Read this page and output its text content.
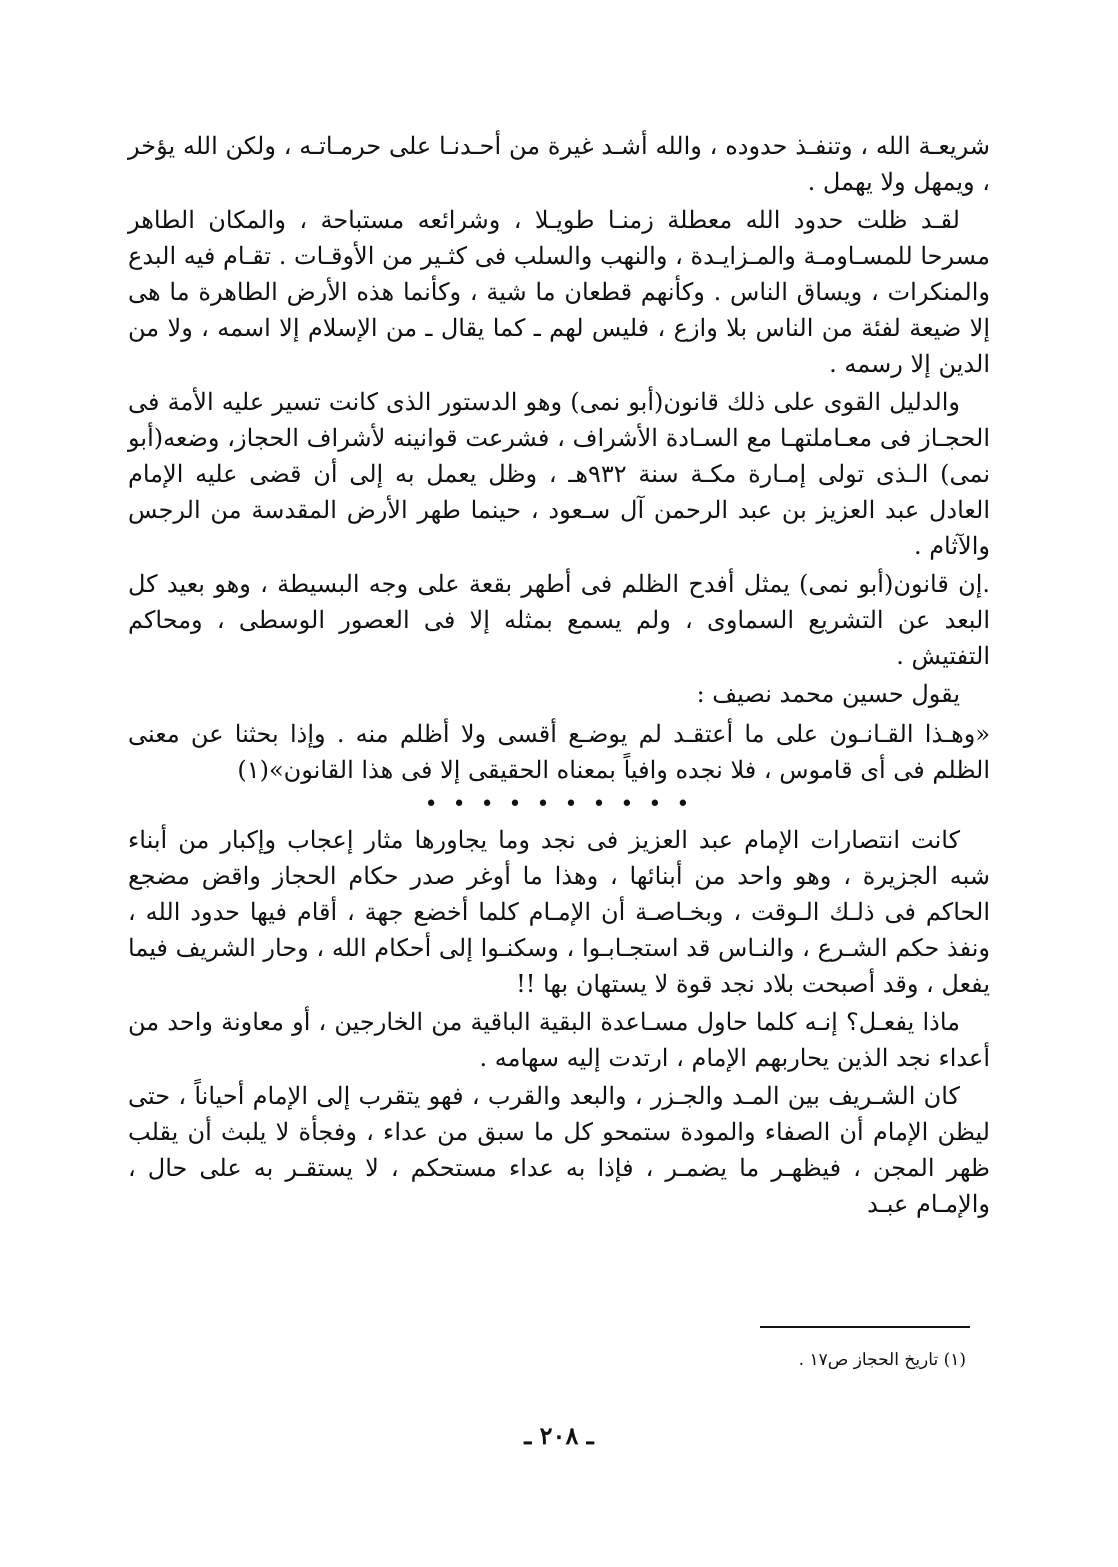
شريعـة الله ، وتنفـذ حدوده ، والله أشـد غيرة من أحـدنـا على حرمـاتـه ، ولكن الله يؤخر ، ويمهل ولا يهمل .

لقـد ظلت حدود الله معطلة زمنـا طويـلا ، وشرائعه مستباحة ، والمكان الطاهر مسرحا للمسـاومـة والمـزايـدة ، والنهب والسلب فى كثـير من الأوقـات . تقـام فيه البدع والمنكرات ، ويساق الناس . وكأنهم قطعان ما شية ، وكأنما هذه الأرض الطاهرة ما هى إلا ضيعة لفئة من الناس بلا وازع ، فليس لهم ـ كما يقال ـ من الإسلام إلا اسمه ، ولا من الدين إلا رسمه .

والدليل القوى على ذلك قانون(أبو نمى) وهو الدستور الذى كانت تسير عليه الأمة فى الحجـاز فى معـاملتهـا مع السـادة الأشراف ، فشرعت قوانينه لأشراف الحجاز، وضعه(أبو نمى) الـذى تولى إمـارة مكـة سنة ٩٣٢هـ ، وظل يعمل به إلى أن قضى عليه الإمام العادل عبد العزيز بن عبد الرحمن آل سـعود ، حينما طهر الأرض المقدسة من الرجس والآثام .

.إن قانون(أبو نمى) يمثل أفدح الظلم فى أطهر بقعة على وجه البسيطة ، وهو بعيد كل البعد عن التشريع السماوى ، ولم يسمع بمثله إلا فى العصور الوسطى ، ومحاكم التفتيش .

يقول حسين محمد نصيف :

«وهـذا القـانـون على ما أعتقـد لم يوضـع أقسى ولا أظلم منه . وإذا بحثنا عن معنى الظلم فى أى قاموس ، فلا نجده وافياً بمعناه الحقيقى إلا فى هذا القانون»(١)

• • • • • • • • • •

كانت انتصارات الإمام عبد العزيز فى نجد وما يجاورها مثار إعجاب وإكبار من أبناء شبه الجزيرة ، وهو واحد من أبنائها ، وهذا ما أوغر صدر حكام الحجاز واقض مضجع الحاكم فى ذلـك الـوقت ، وبخـاصـة أن الإمـام كلما أخضع جهة ، أقام فيها حدود الله ، ونفذ حكم الشـرع ، والنـاس قد استجـابـوا ، وسكنـوا إلى أحكام الله ، وحار الشريف فيما يفعل ، وقد أصبحت بلاد نجد قوة لا يستهان بها !!

ماذا يفعـل؟ إنـه كلما حاول مسـاعدة البقية الباقية من الخارجين ، أو معاونة واحد من أعداء نجد الذين يحاربهم الإمام ، ارتدت إليه سهامه .

كان الشـريف بين المـد والجـزر ، والبعد والقرب ، فهو يتقرب إلى الإمام أحياناً ، حتى ليظن الإمام أن الصفاء والمودة ستمحو كل ما سبق من عداء ، وفجأة لا يلبث أن يقلب ظهر المجن ، فيظهـر ما يضمـر ، فإذا به عداء مستحكم ، لا يستقـر به على حال ، والإمـام عبـد

(١) تاريخ الحجاز ص١٧ .
ـ ٢٠٨ ـ
